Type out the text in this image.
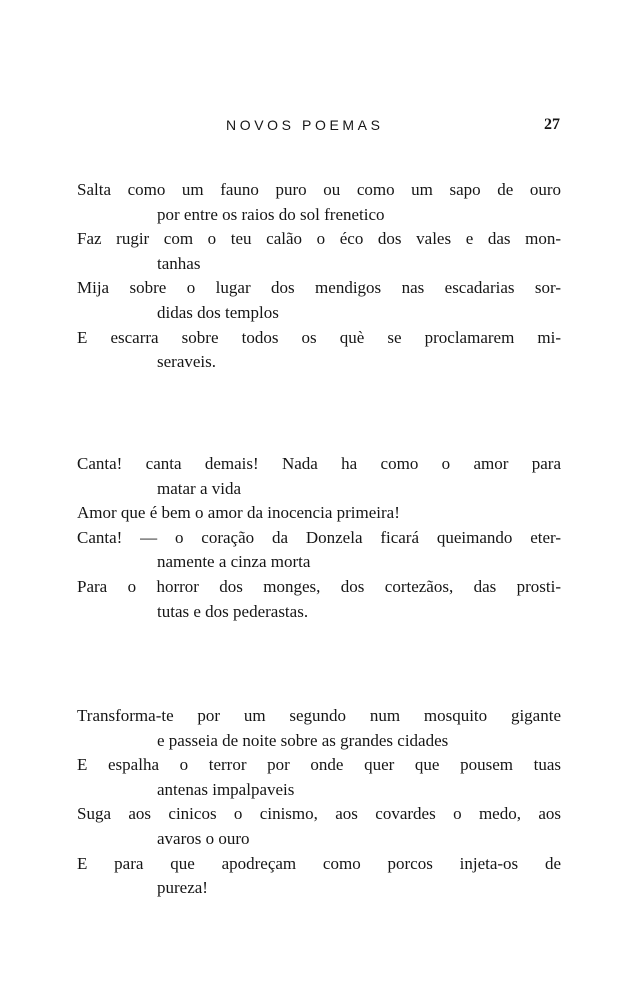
NOVOS POEMAS	27
Salta como um fauno puro ou como um sapo de ouro
por entre os raios do sol frenetico
Faz rugir com o teu calão o éco dos vales e das mon-
tanhas
Mija sobre o lugar dos mendigos nas escadarias sor-
didas dos templos
E escarra sobre todos os què se proclamarem mi-
seraveis.
Canta! canta demais! Nada ha como o amor para
matar a vida
Amor que é bem o amor da inocencia primeira!
Canta! — o coração da Donzela ficará queimando eter-
namente a cinza morta
Para o horror dos monges, dos cortezãos, das prosti-
tutas e dos pederastas.
Transforma-te por um segundo num mosquito gigante
e passeia de noite sobre as grandes cidades
E espalha o terror por onde quer que pousem tuas
antenas impalpaveis
Suga aos cinicos o cinismo, aos covardes o medo, aos
avaros o ouro
E para que apodreçam como porcos injeta-os de
pureza!
